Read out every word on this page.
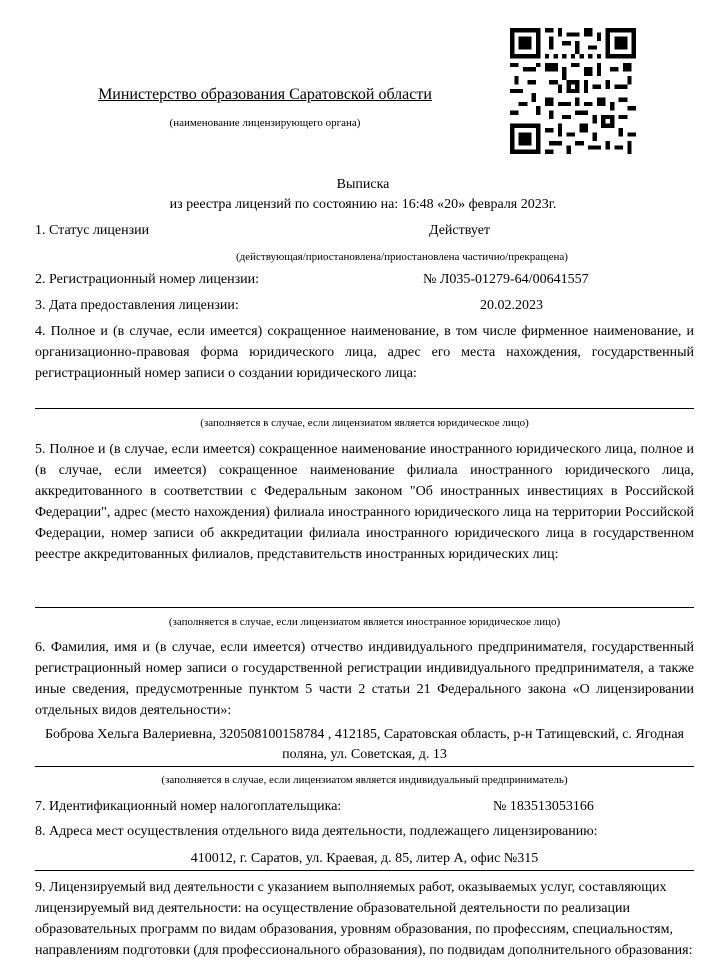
Министерство образования Саратовской области
(наименование лицензирующего органа)
Выписка
из реестра лицензий по состоянию на: 16:48 «20» февраля 2023г.
1. Статус лицензии	Действует
(действующая/приостановлена/приостановлена частично/прекращена)
2. Регистрационный номер лицензии:	№ Л035-01279-64/00641557
3. Дата предоставления лицензии:	20.02.2023
4. Полное и (в случае, если имеется) сокращенное наименование, в том числе фирменное наименование, и организационно-правовая форма юридического лица, адрес его места нахождения, государственный регистрационный номер записи о создании юридического лица:
(заполняется в случае, если лицензиатом является юридическое лицо)
5. Полное и (в случае, если имеется) сокращенное наименование иностранного юридического лица, полное и (в случае, если имеется) сокращенное наименование филиала иностранного юридического лица, аккредитованного в соответствии с Федеральным законом "Об иностранных инвестициях в Российской Федерации", адрес (место нахождения) филиала иностранного юридического лица на территории Российской Федерации, номер записи об аккредитации филиала иностранного юридического лица в государственном реестре аккредитованных филиалов, представительств иностранных юридических лиц:
(заполняется в случае, если лицензиатом является иностранное юридическое лицо)
6. Фамилия, имя и (в случае, если имеется) отчество индивидуального предпринимателя, государственный регистрационный номер записи о государственной регистрации индивидуального предпринимателя, а также иные сведения, предусмотренные пунктом 5 части 2 статьи 21 Федерального закона «О лицензировании отдельных видов деятельности»:
Боброва Хельга Валериевна, 320508100158784 , 412185, Саратовская область, р-н Татищевский, с. Ягодная поляна, ул. Советская, д. 13
(заполняется в случае, если лицензиатом является индивидуальный предприниматель)
7. Идентификационный номер налогоплательщика:	№ 183513053166
8. Адреса мест осуществления отдельного вида деятельности, подлежащего лицензированию:
410012, г. Саратов, ул. Краевая, д. 85, литер А, офис №315
9. Лицензируемый вид деятельности с указанием выполняемых работ, оказываемых услуг, составляющих лицензируемый вид деятельности: на осуществление образовательной деятельности по реализации образовательных программ по видам образования, уровням образования, по профессиям, специальностям, направлениям подготовки (для профессионального образования), по подвидам дополнительного образования:
